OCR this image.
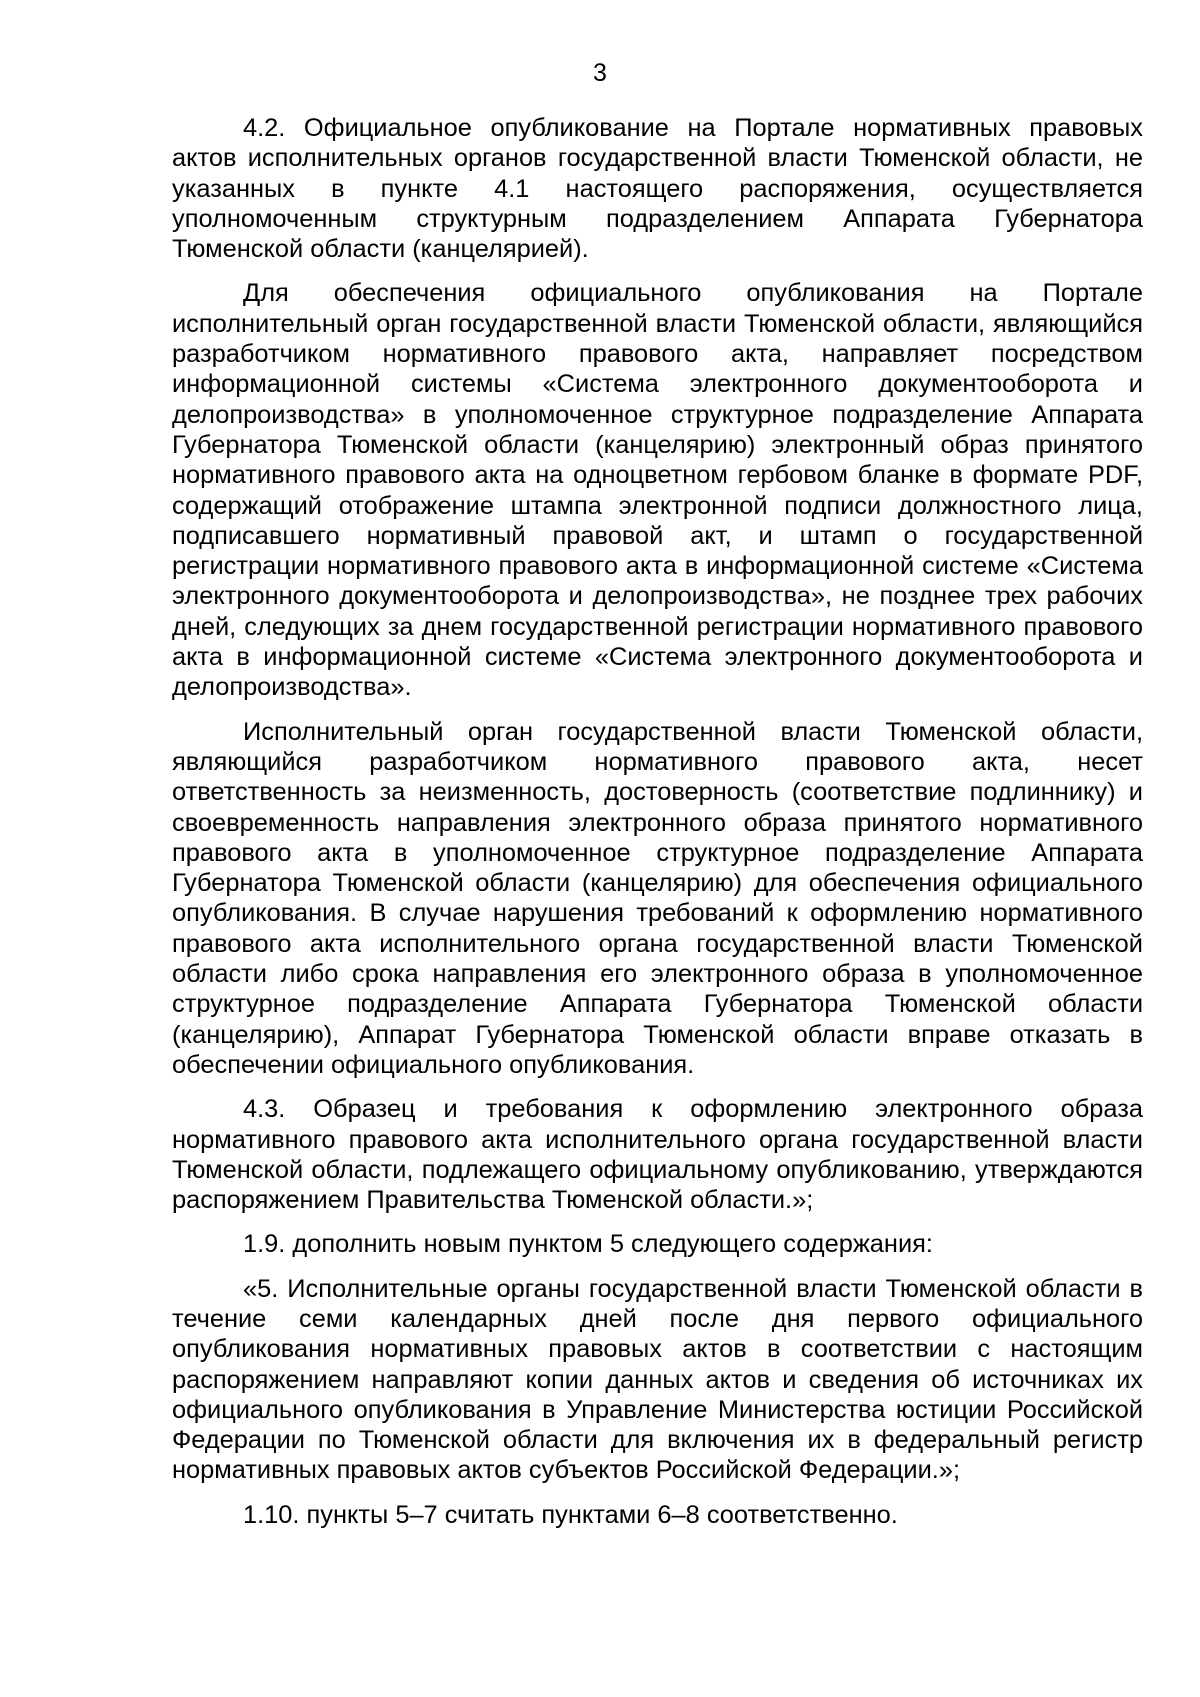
3

4.2. Официальное опубликование на Портале нормативных правовых актов исполнительных органов государственной власти Тюменской области, не указанных в пункте 4.1 настоящего распоряжения, осуществляется уполномоченным структурным подразделением Аппарата Губернатора Тюменской области (канцелярией).

Для обеспечения официального опубликования на Портале исполнительный орган государственной власти Тюменской области, являющийся разработчиком нормативного правового акта, направляет посредством информационной системы «Система электронного документооборота и делопроизводства» в уполномоченное структурное подразделение Аппарата Губернатора Тюменской области (канцелярию) электронный образ принятого нормативного правового акта на одноцветном гербовом бланке в формате PDF, содержащий отображение штампа электронной подписи должностного лица, подписавшего нормативный правовой акт, и штамп о государственной регистрации нормативного правового акта в информационной системе «Система электронного документооборота и делопроизводства», не позднее трех рабочих дней, следующих за днем государственной регистрации нормативного правового акта в информационной системе «Система электронного документооборота и делопроизводства».

Исполнительный орган государственной власти Тюменской области, являющийся разработчиком нормативного правового акта, несет ответственность за неизменность, достоверность (соответствие подлиннику) и своевременность направления электронного образа принятого нормативного правового акта в уполномоченное структурное подразделение Аппарата Губернатора Тюменской области (канцелярию) для обеспечения официального опубликования. В случае нарушения требований к оформлению нормативного правового акта исполнительного органа государственной власти Тюменской области либо срока направления его электронного образа в уполномоченное структурное подразделение Аппарата Губернатора Тюменской области (канцелярию), Аппарат Губернатора Тюменской области вправе отказать в обеспечении официального опубликования.

4.3. Образец и требования к оформлению электронного образа нормативного правового акта исполнительного органа государственной власти Тюменской области, подлежащего официальному опубликованию, утверждаются распоряжением Правительства Тюменской области.»;

1.9. дополнить новым пунктом 5 следующего содержания:

«5. Исполнительные органы государственной власти Тюменской области в течение семи календарных дней после дня первого официального опубликования нормативных правовых актов в соответствии с настоящим распоряжением направляют копии данных актов и сведения об источниках их официального опубликования в Управление Министерства юстиции Российской Федерации по Тюменской области для включения их в федеральный регистр нормативных правовых актов субъектов Российской Федерации.»;

1.10. пункты 5–7 считать пунктами 6–8 соответственно.
